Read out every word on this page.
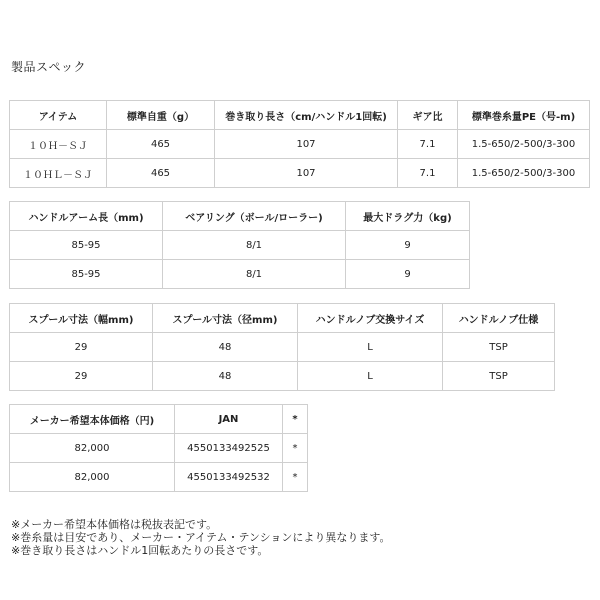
製品スペック
アイテム	標準自重（g）	巻き取り長さ（cm/ハンドル1回転)	ギア比	標準巻糸量PE（号-m)
１０Ｈ－ＳＪ	465	107	7.1	1.5-650/2-500/3-300
１０ＨＬ－ＳＪ	465	107	7.1	1.5-650/2-500/3-300
ハンドルアーム長（mm)	ベアリング（ボール/ローラー)	最大ドラグ力（kg)
85-95	8/1	9
85-95	8/1	9
スプール寸法（幅mm)	スプール寸法（径mm)	ハンドルノブ交換サイズ	ハンドルノブ仕様
29	48	L	TSP
29	48	L	TSP
メーカー希望本体価格（円)	JAN	*
82,000	4550133492525	*
82,000	4550133492532	*
※メーカー希望本体価格は税抜表記です。
※巻糸量は目安であり、メーカー・アイテム・テンションにより異なります。
※巻き取り長さはハンドル1回転あたりの長さです。
